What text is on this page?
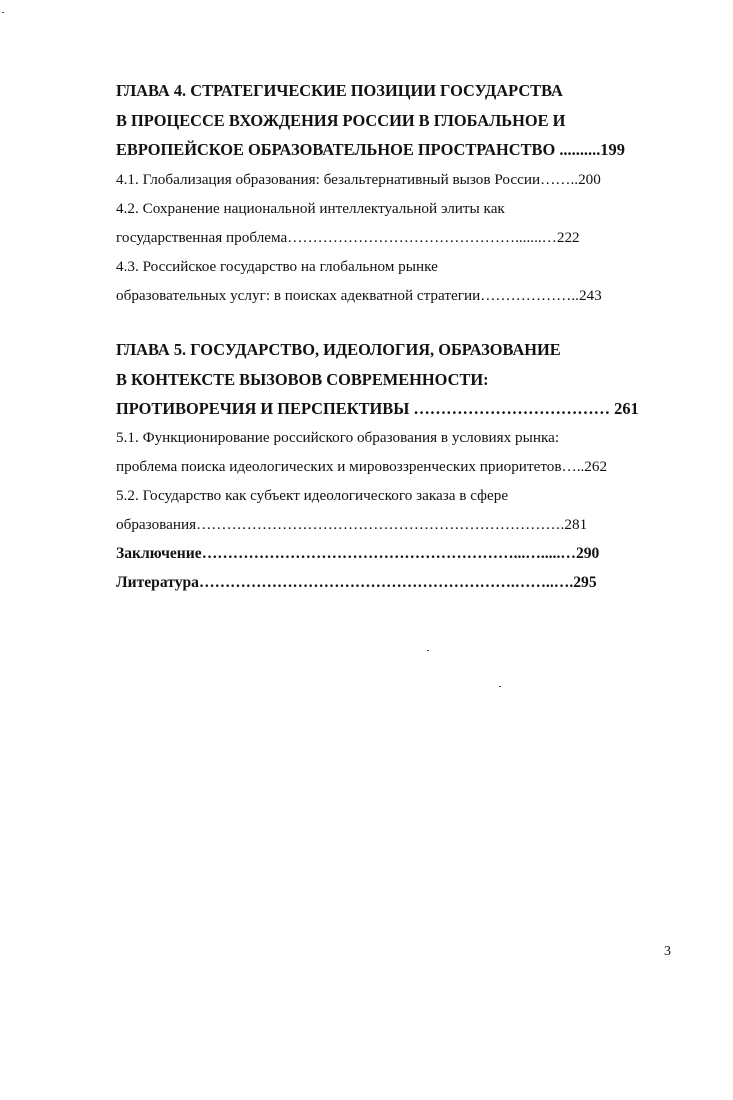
ГЛАВА 4. СТРАТЕГИЧЕСКИЕ ПОЗИЦИИ ГОСУДАРСТВА
В ПРОЦЕССЕ ВХОЖДЕНИЯ РОССИИ В ГЛОБАЛЬНОЕ И
ЕВРОПЕЙСКОЕ ОБРАЗОВАТЕЛЬНОЕ ПРОСТРАНСТВО ..........199
4.1. Глобализация образования: безальтернативный вызов России……..200
4.2. Сохранение национальной интеллектуальной элиты как
государственная проблема……………………………………….......…222
4.3. Российское государство на глобальном рынке
образовательных услуг: в поисках адекватной стратегии………………..243
ГЛАВА 5. ГОСУДАРСТВО, ИДЕОЛОГИЯ, ОБРАЗОВАНИЕ
В КОНТЕКСТЕ ВЫЗОВОВ СОВРЕМЕННОСТИ:
ПРОТИВОРЕЧИЯ И ПЕРСПЕКТИВЫ ……………………………… 261
5.1. Функционирование российского образования в условиях рынка:
проблема поиска идеологических и мировоззренческих приоритетов…..262
5.2. Государство как субъект идеологического заказа в сфере
образования……………………………………………………………….281
Заключение……………………………………………………...….....…290
Литература…………………………………………………….……..….295
3
